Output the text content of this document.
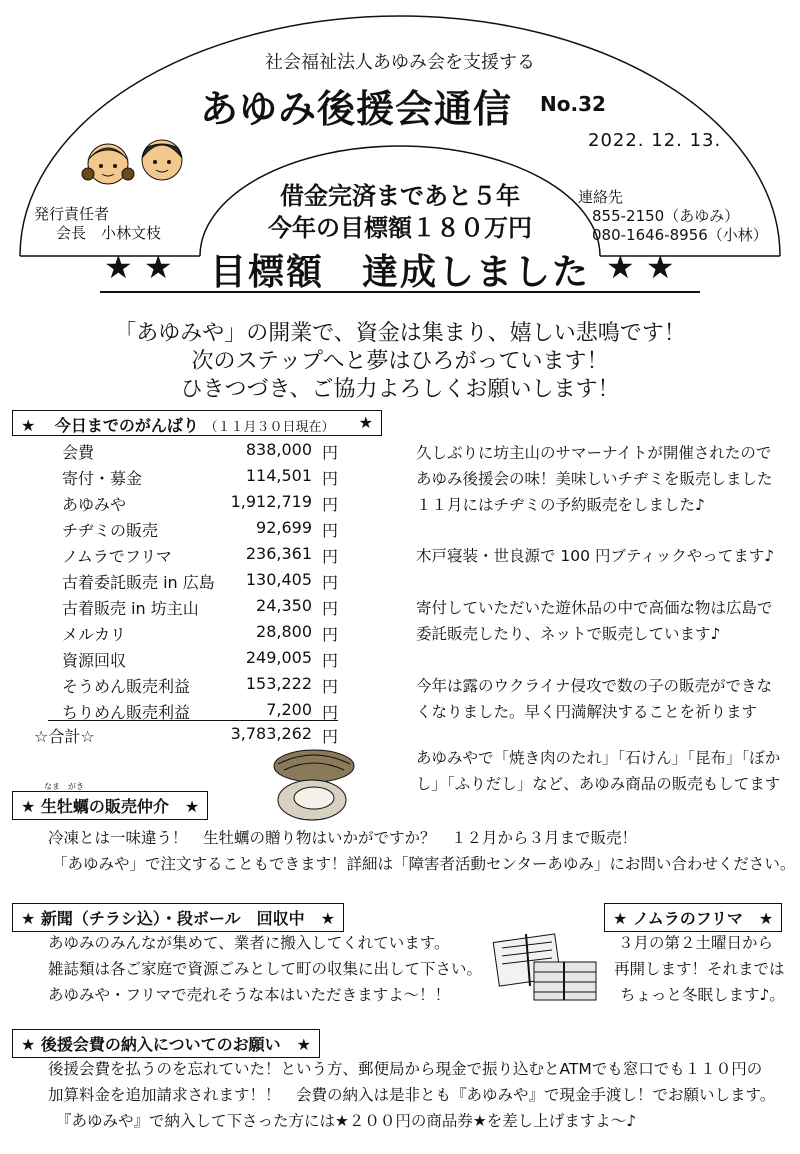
社会福祉法人あゆみ会を支援する
あゆみ後援会通信 No.32
2022. 12. 13.
発行責任者
会長　小林文枝
連絡先
855-2150（あゆみ）
080-1646-8956（小林）
借金完済まであと５年
今年の目標額１８０万円
★ ★	目標額　達成しました ★ ★
「あゆみや」の開業で、資金は集まり、嬉しい悲鳴です！
次のステップへと夢はひろがっています！
ひきつづき、ご協力よろしくお願いします！
★ 今日までのがんばり （１１月３０日現在） ★
会費	838,000 円
寄付・募金	114,501 円
あゆみや	1,912,719 円
チヂミの販売	92,699 円
ノムラでフリマ	236,361 円
古着委託販売 in 広島	130,405 円
古着販売 in 坊主山	24,350 円
メルカリ	28,800 円
資源回収	249,005 円
そうめん販売利益	153,222 円
ちりめん販売利益	7,200 円
☆合計☆	3,783,262 円
久しぶりに坊主山のサマーナイトが開催されたので
あゆみ後援会の味！美味しいチヂミを販売しました
１１月にはチヂミの予約販売をしました♪
木戸寝装・世良源で 100 円ブティックやってます♪
寄付していただいた遊休品の中で高価な物は広島で
委託販売したり、ネットで販売しています♪
今年は露のウクライナ侵攻で数の子の販売ができな
くなりました。早く円満解決することを祈ります
あゆみやで「焼き肉のたれ」「石けん」「昆布」「ぼか
し」「ふりだし」など、あゆみ商品の販売もしてます
なま　がき
★ 生牡蠣の販売仲介　★
冷凍とは一味違う！　生牡蠣の贈り物はいかがですか？　１２月から３月まで販売！
「あゆみや」で注文することもできます！詳細は「障害者活動センターあゆみ」にお問い合わせください。
★ 新聞（チラシ込）・段ボール　回収中　★
あゆみのみんなが集めて、業者に搬入してくれています。
雑誌類は各ご家庭で資源ごみとして町の収集に出して下さい。
あゆみや・フリマで売れそうな本はいただきますよ～！！
★ ノムラのフリマ　★
３月の第２土曜日から
再開します！それまでは
ちょっと冬眠します♪。
★ 後援会費の納入についてのお願い　★
後援会費を払うのを忘れていた！という方、郵便局から現金で振り込むとATMでも窓口でも１１０円の
加算料金を追加請求されます！！　会費の納入は是非とも『あゆみや』で現金手渡し！でお願いします。
『あゆみや』で納入して下さった方には★２００円の商品券★を差し上げますよ～♪
